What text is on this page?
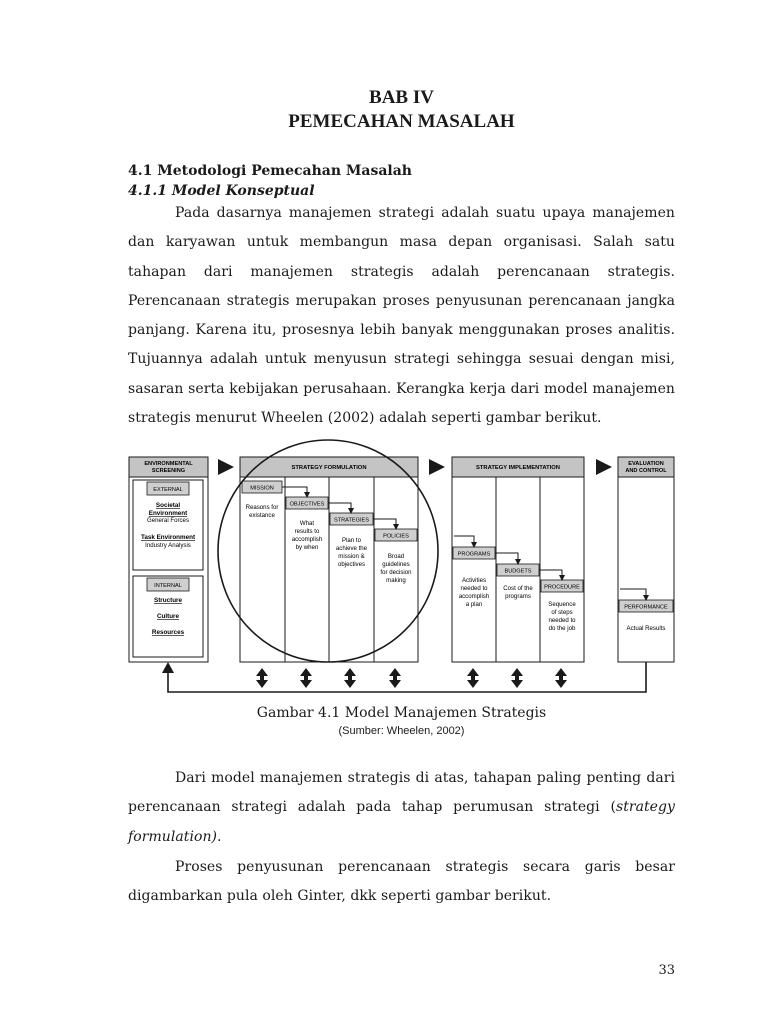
BAB IV
PEMECAHAN MASALAH

4.1 Metodologi Pemecahan Masalah

4.1.1 Model Konseptual

Pada dasarnya manajemen strategi adalah suatu upaya manajemen dan karyawan untuk membangun masa depan organisasi. Salah satu tahapan dari manajemen strategis adalah perencanaan strategis. Perencanaan strategis merupakan proses penyusunan perencanaan jangka panjang. Karena itu, prosesnya lebih banyak menggunakan proses analitis. Tujuannya adalah untuk menyusun strategi sehingga sesuai dengan misi, sasaran serta kebijakan perusahaan. Kerangka kerja dari model manajemen strategis menurut Wheelen (2002) adalah seperti gambar berikut.

ENVIRONMENTAL
SCREENING
EXTERNAL
Societal
Environment
General Forces
Task Environment
Industry Analysis
INTERNAL
Structure
Culture
Resources
STRATEGY FORMULATION
MISSION
Reasons for
existance
OBJECTIVES
What
results to
accomplish
by when
STRATEGIES
Plan to
achieve the
mission &
objectives
POLICIES
Broad
guidelines
for decision
making
STRATEGY IMPLEMENTATION
PROGRAMS
Activities
needed to
accomplish
a plan
BUDGETS
Cost of the
programs
PROCEDURE
Sequence
of steps
needed to
do the job
EVALUATION
AND CONTROL
PERFORMANCE
Actual Results

Gambar 4.1 Model Manajemen Strategis

(Sumber: Wheelen, 2002)

Dari model manajemen strategis di atas, tahapan paling penting dari perencanaan strategi adalah pada tahap perumusan strategi (strategy formulation).

Proses penyusunan perencanaan strategis secara garis besar digambarkan pula oleh Ginter, dkk seperti gambar berikut.

33
